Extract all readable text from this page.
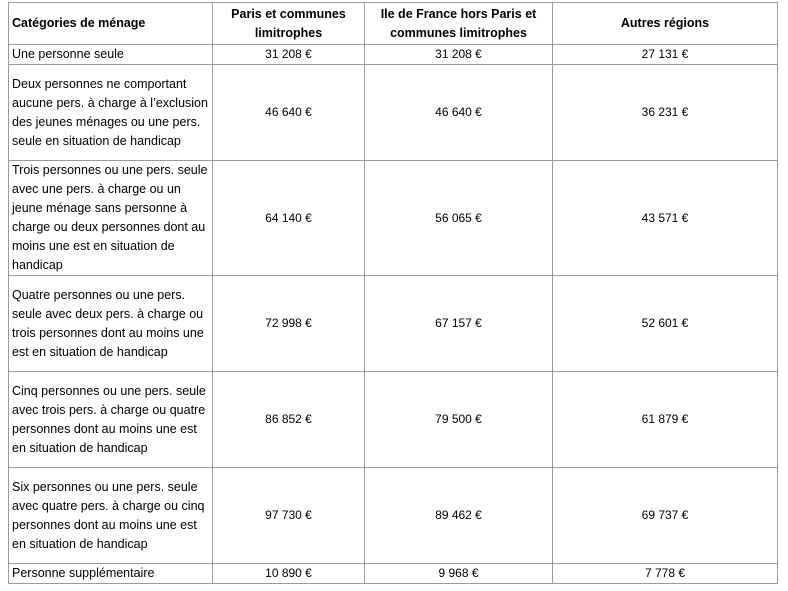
Catégories de ménage	Paris et communes limitrophes	Ile de France hors Paris et communes limitrophes	Autres régions
Une personne seule	31 208 €	31 208 €	27 131 €
Deux personnes ne comportant aucune pers. à charge à l’exclusion des jeunes ménages ou une pers. seule en situation de handicap	46 640 €	46 640 €	36 231 €
Trois personnes ou une pers. seule avec une pers. à charge ou un jeune ménage sans personne à charge ou deux personnes dont au moins une est en situation de handicap	64 140 €	56 065 €	43 571 €
Quatre personnes ou une pers. seule avec deux pers. à charge ou trois personnes dont au moins une est en situation de handicap	72 998 €	67 157 €	52 601 €
Cinq personnes ou une pers. seule avec trois pers. à charge ou quatre personnes dont au moins une est en situation de handicap	86 852 €	79 500 €	61 879 €
Six personnes ou une pers. seule avec quatre pers. à charge ou cinq personnes dont au moins une est en situation de handicap	97 730 €	89 462 €	69 737 €
Personne supplémentaire	10 890 €	9 968 €	7 778 €
